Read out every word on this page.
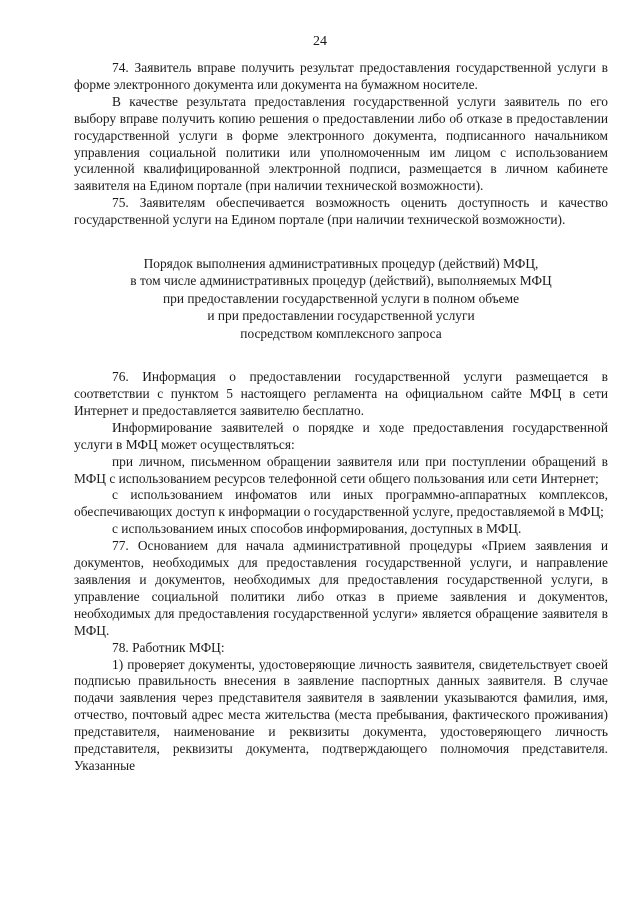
24

74. Заявитель вправе получить результат предоставления государственной услуги в форме электронного документа или документа на бумажном носителе.

В качестве результата предоставления государственной услуги заявитель по его выбору вправе получить копию решения о предоставлении либо об отказе в предоставлении государственной услуги в форме электронного документа, подписанного начальником управления социальной политики или уполномоченным им лицом с использованием усиленной квалифицированной электронной подписи, размещается в личном кабинете заявителя на Едином портале (при наличии технической возможности).

75. Заявителям обеспечивается возможность оценить доступность и качество государственной услуги на Едином портале (при наличии технической возможности).

Порядок выполнения административных процедур (действий) МФЦ,
в том числе административных процедур (действий), выполняемых МФЦ
при предоставлении государственной услуги в полном объеме
и при предоставлении государственной услуги
посредством комплексного запроса

76. Информация о предоставлении государственной услуги размещается в соответствии с пунктом 5 настоящего регламента на официальном сайте МФЦ в сети Интернет и предоставляется заявителю бесплатно.

Информирование заявителей о порядке и ходе предоставления государственной услуги в МФЦ может осуществляться:

при личном, письменном обращении заявителя или при поступлении обращений в МФЦ с использованием ресурсов телефонной сети общего пользования или сети Интернет;

с использованием инфоматов или иных программно-аппаратных комплексов, обеспечивающих доступ к информации о государственной услуге, предоставляемой в МФЦ;

с использованием иных способов информирования, доступных в МФЦ.

77. Основанием для начала административной процедуры «Прием заявления и документов, необходимых для предоставления государственной услуги, и направление заявления и документов, необходимых для предоставления государственной услуги, в управление социальной политики либо отказ в приеме заявления и документов, необходимых для предоставления государственной услуги» является обращение заявителя в МФЦ.

78. Работник МФЦ:

1) проверяет документы, удостоверяющие личность заявителя, свидетельствует своей подписью правильность внесения в заявление паспортных данных заявителя. В случае подачи заявления через представителя заявителя в заявлении указываются фамилия, имя, отчество, почтовый адрес места жительства (места пребывания, фактического проживания) представителя, наименование и реквизиты документа, удостоверяющего личность представителя, реквизиты документа, подтверждающего полномочия представителя. Указанные
